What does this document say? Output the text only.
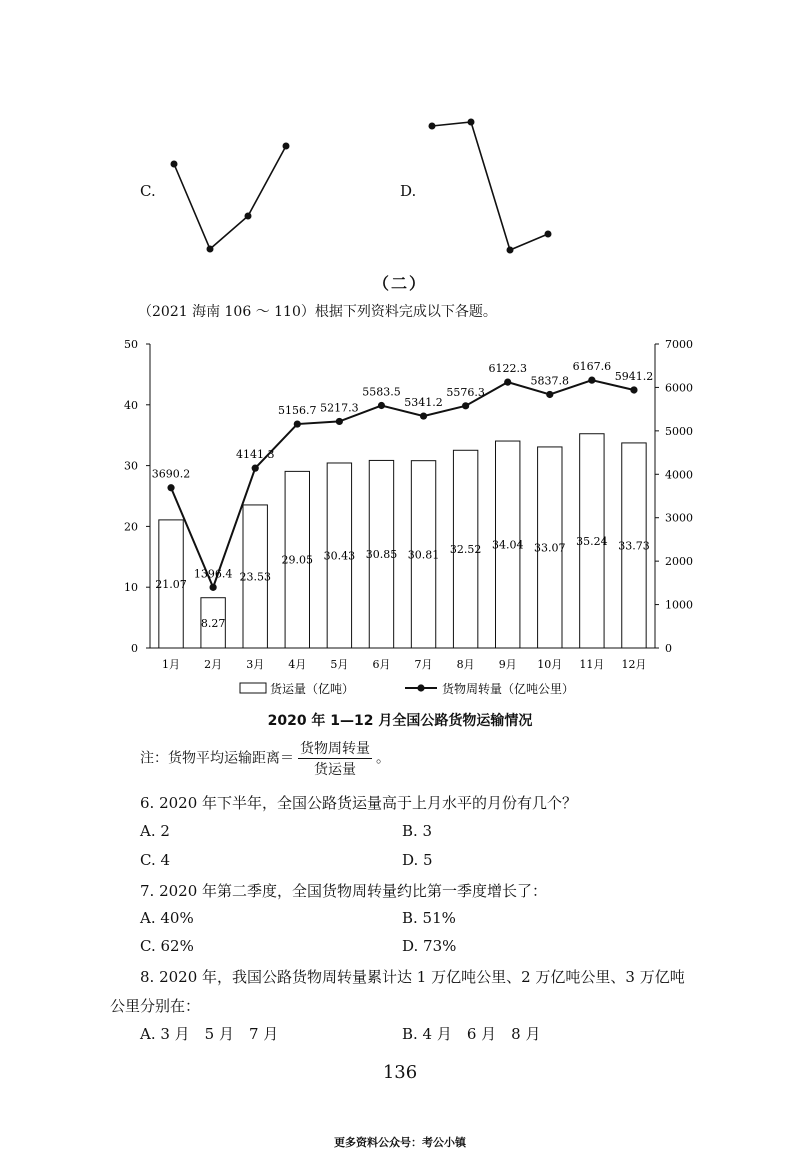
C.	D.
（二）
（2021 海南 106 ～ 110）根据下列资料完成以下各题。
0
10
20
30
40
50
0
1000
2000
3000
4000
5000
6000
7000
21.07
8.27
23.53
29.05 30.43 30.85 30.81 32.52 34.04 33.07
35.24 33.73
1月 2月 3月 4月 5月 6月 7月 8月 9月 10月 11月 12月
3690.2
1396.4
4141.3
5156.7 5217.3
5583.5
5341.2
5576.3
6122.3
5837.8
6167.6
5941.2
货运量（亿吨）	货物周转量（亿吨公里）
2020 年 1—12 月全国公路货物运输情况
注：货物平均运输距离＝ $\frac{\text{货物周转量}}{\text{货运量}}$ 。
6. 2020 年下半年，全国公路货运量高于上月水平的月份有几个？
A. 2	B. 3
C. 4	D. 5
7. 2020 年第二季度，全国货物周转量约比第一季度增长了：
A. 40%	B. 51%
C. 62%	D. 73%
8. 2020 年，我国公路货物周转量累计达 1 万亿吨公里、2 万亿吨公里、3 万亿吨
公里分别在：
A. 3 月　5 月　7 月	B. 4 月　6 月　8 月
136
更多资料公众号：考公小镇
